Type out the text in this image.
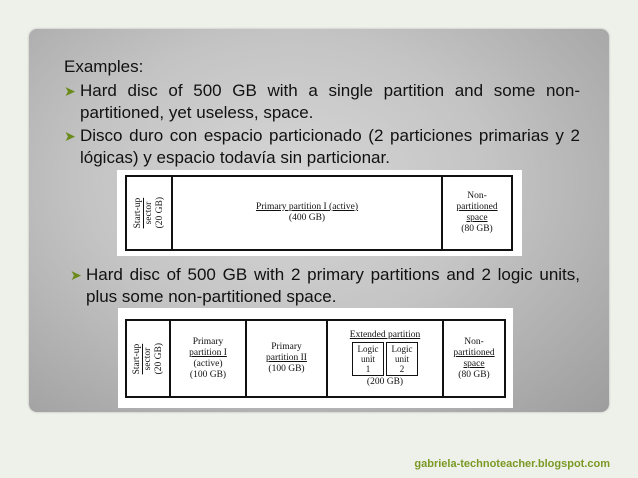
Examples:
➤ Hard disc of 500 GB with a single partition and some non-partitioned, yet useless, space.
➤ Disco duro con espacio particionado (2 particiones primarias y 2 lógicas) y espacio todavía sin particionar.
Start-up
sector
(20 GB)	Primary partition I (active)
(400 GB)
Non-
partitioned
space
(80 GB)
➤ Hard disc of 500 GB with 2 primary partitions and 2 logic units, plus some non-partitioned space.
Start-up
sector
(20 GB)
Primary
partition I
(active)
(100 GB)
Primary
partition II
(100 GB)
Extended partition
Logic
unit
1
Logic
unit
2
(200 GB)
Non-
partitioned
space
(80 GB)
gabriela-technoteacher.blogspot.com
